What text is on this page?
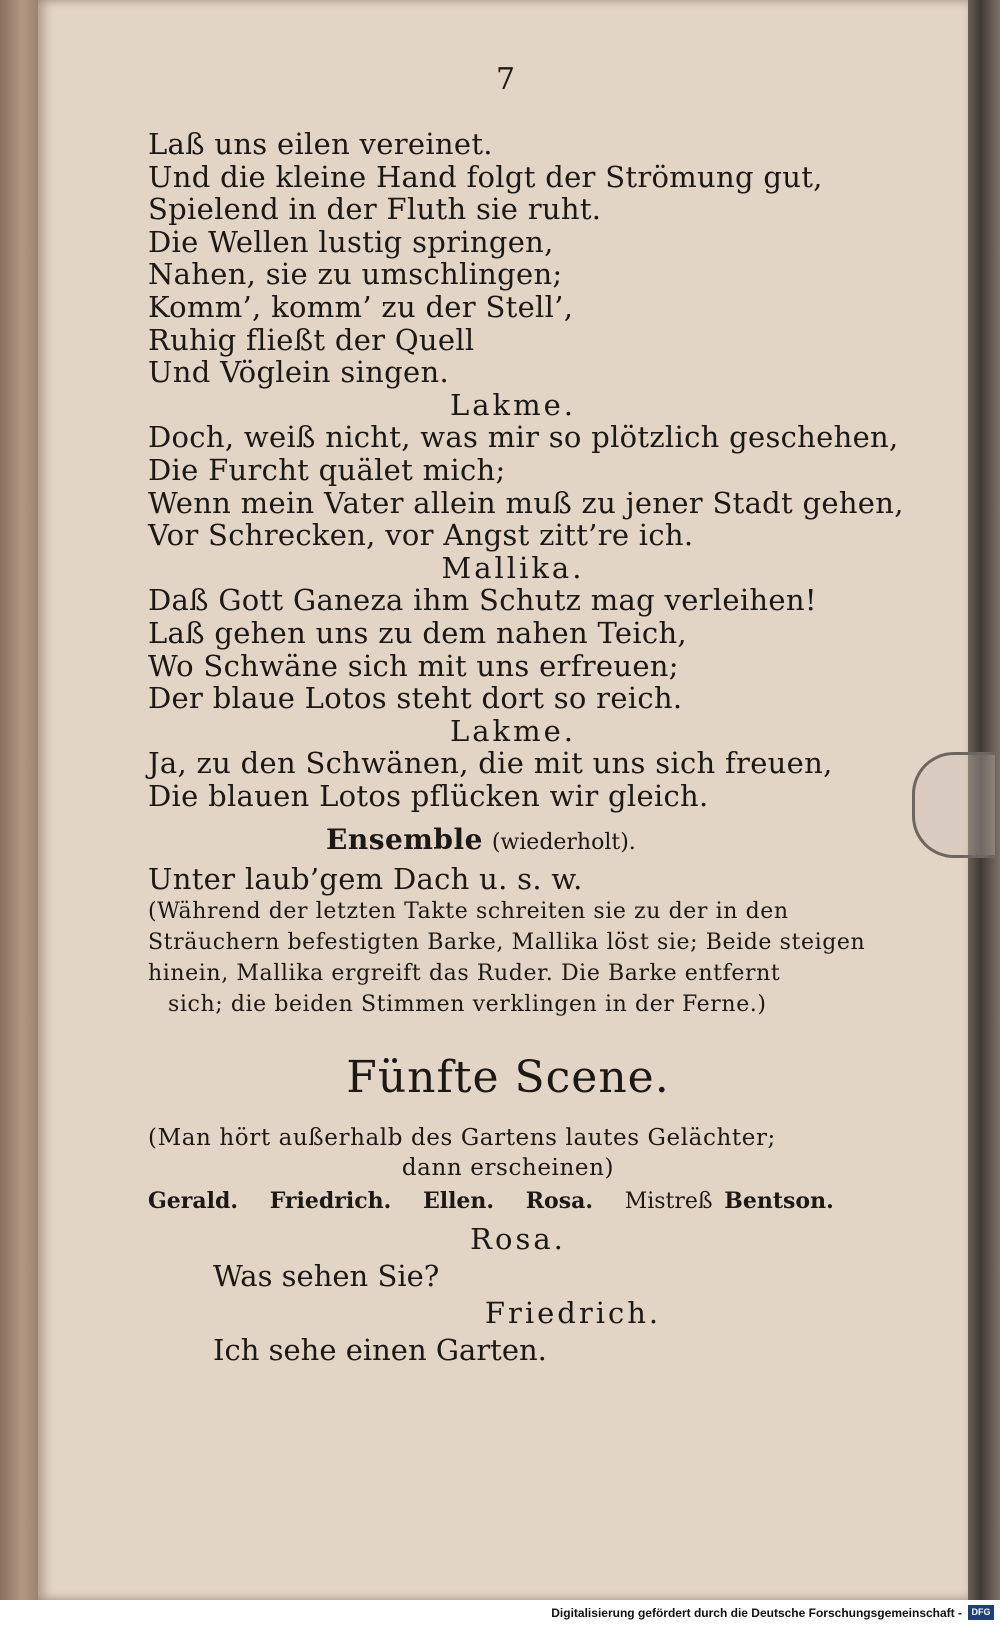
7
Laß uns eilen vereinet.
Und die kleine Hand folgt der Strömung gut,
Spielend in der Fluth sie ruht.
Die Wellen lustig springen,
Nahen, sie zu umschlingen;
Komm’, komm’ zu der Stell’,
Ruhig fließt der Quell
Und Vöglein singen.
Lakme.
Doch, weiß nicht, was mir so plötzlich geschehen,
Die Furcht quälet mich;
Wenn mein Vater allein muß zu jener Stadt gehen,
Vor Schrecken, vor Angst zitt’re ich.
Mallika.
Daß Gott Ganeza ihm Schutz mag verleihen!
Laß gehen uns zu dem nahen Teich,
Wo Schwäne sich mit uns erfreuen;
Der blaue Lotos steht dort so reich.
Lakme.
Ja, zu den Schwänen, die mit uns sich freuen,
Die blauen Lotos pflücken wir gleich.
Ensemble (wiederholt).
Unter laub’gem Dach u. s. w.
(Während der letzten Takte schreiten sie zu der in den
Sträuchern befestigten Barke, Mallika löst sie; Beide steigen
hinein, Mallika ergreift das Ruder. Die Barke entfernt
sich; die beiden Stimmen verklingen in der Ferne.)
Fünfte Scene.
(Man hört außerhalb des Gartens lautes Gelächter;
dann erscheinen)
Gerald. Friedrich. Ellen. Rosa. Mistreß Bentson.
Rosa.
Was sehen Sie?
Friedrich.
Ich sehe einen Garten.
Digitalisierung gefördert durch die Deutsche Forschungsgemeinschaft -	DFG
